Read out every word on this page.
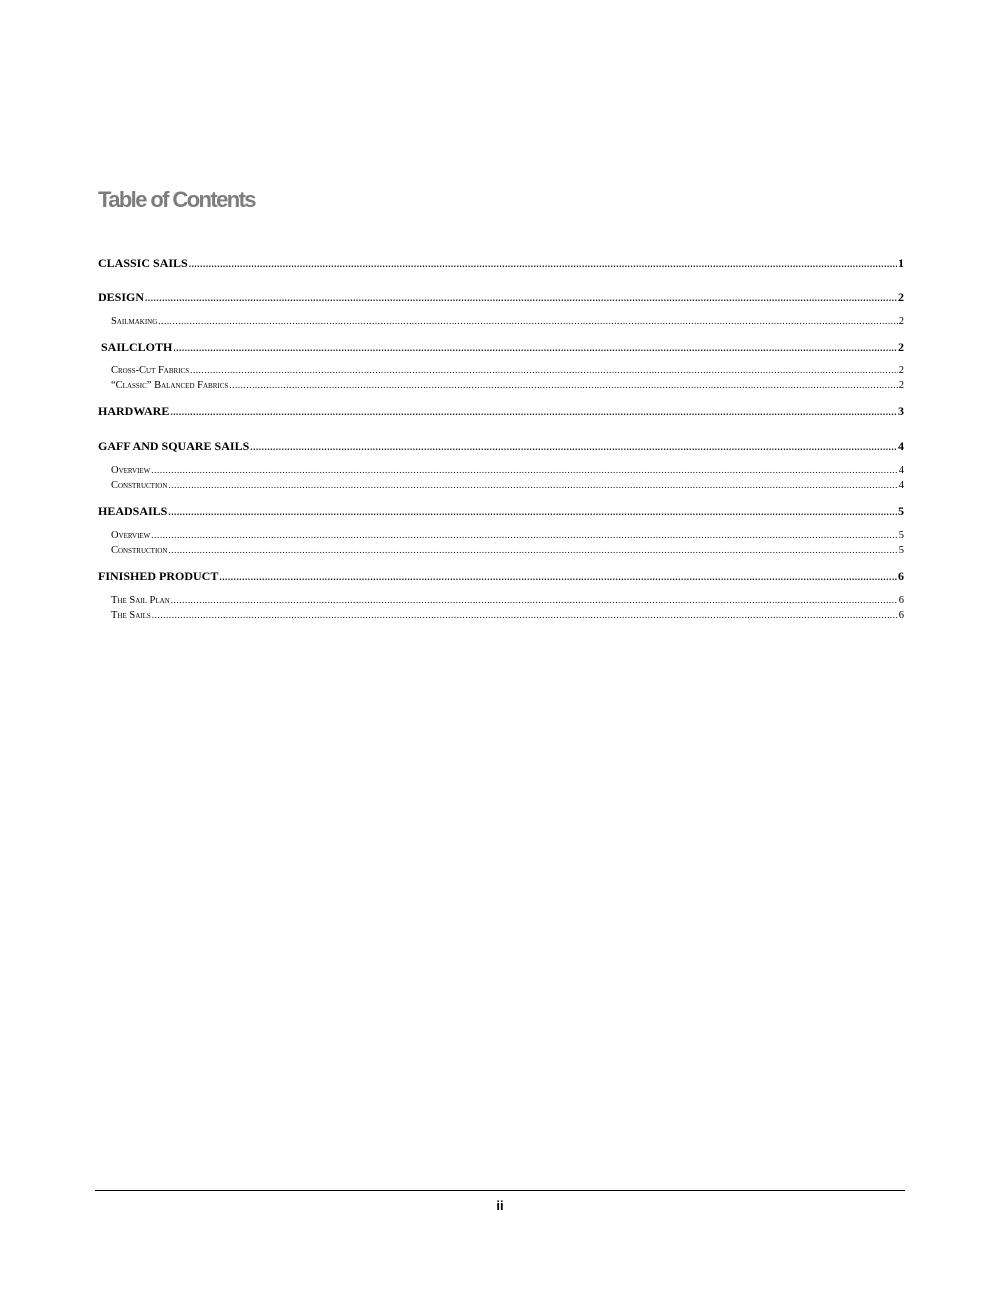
Table of Contents
CLASSIC SAILS .....	1
DESIGN .....	2
Sailmaking .....	2
SAILCLOTH .....	2
Cross-Cut Fabrics .....	2
“Classic” Balanced Fabrics .....	2
HARDWARE .....	3
GAFF AND SQUARE SAILS .....	4
Overview .....	4
Construction .....	4
HEADSAILS .....	5
Overview .....	5
Construction .....	5
FINISHED PRODUCT .....	6
The Sail Plan .....	6
The Sails .....	6
ii
